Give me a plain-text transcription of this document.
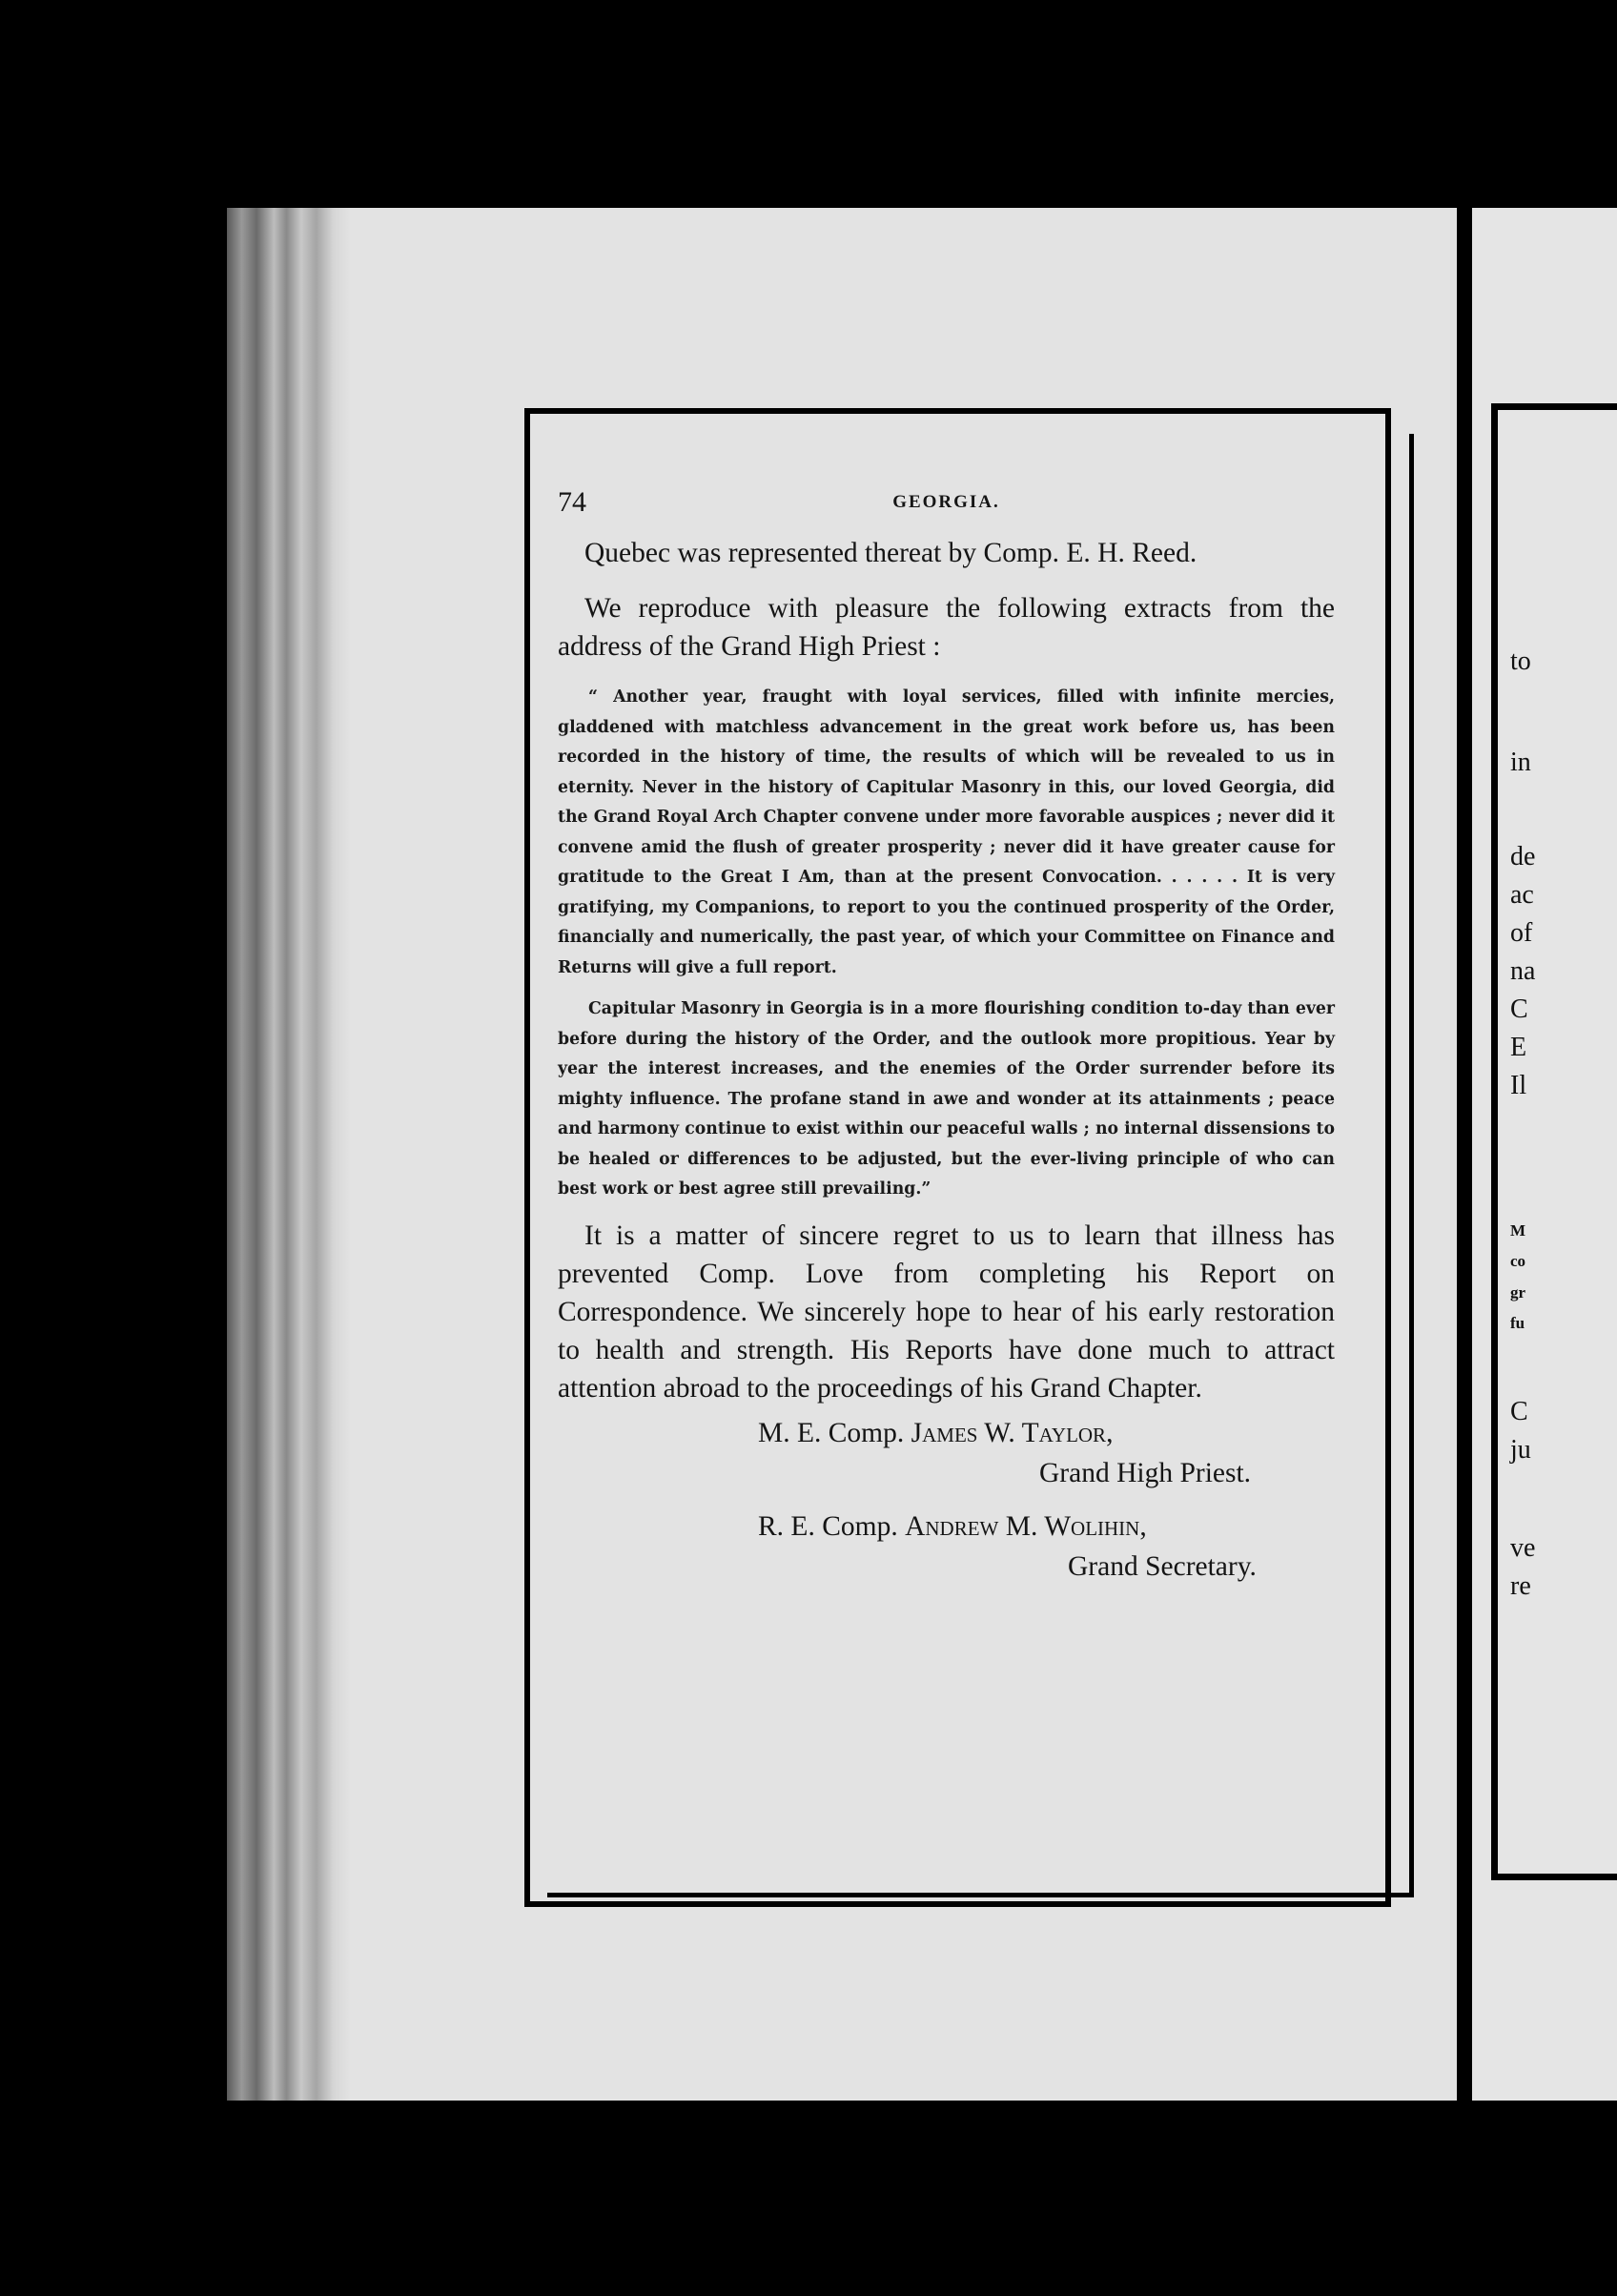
to
in
de
ac
of
na
C
E
Il
M
co
gr
fu
C
ju
ve
re
74	GEORGIA.

Quebec was represented thereat by Comp. E. H. Reed.

We reproduce with pleasure the following extracts from the address of the Grand High Priest :

“ Another year, fraught with loyal services, filled with infinite mercies, gladdened with matchless advancement in the great work before us, has been recorded in the history of time, the results of which will be revealed to us in eternity. Never in the history of Capitular Masonry in this, our loved Georgia, did the Grand Royal Arch Chapter convene under more favorable auspices ; never did it convene amid the flush of greater prosperity ; never did it have greater cause for gratitude to the Great I Am, than at the present Convocation. . . . . . It is very gratifying, my Companions, to report to you the continued prosperity of the Order, financially and numerically, the past year, of which your Committee on Finance and Returns will give a full report.

Capitular Masonry in Georgia is in a more flourishing condition to-day than ever before during the history of the Order, and the outlook more propitious. Year by year the interest increases, and the enemies of the Order surrender before its mighty influence. The profane stand in awe and wonder at its attainments ; peace and harmony continue to exist within our peaceful walls ; no internal dissensions to be healed or differences to be adjusted, but the ever-living principle of who can best work or best agree still prevailing.”

It is a matter of sincere regret to us to learn that illness has prevented Comp. Love from completing his Report on Correspondence. We sincerely hope to hear of his early restoration to health and strength. His Reports have done much to attract attention abroad to the proceedings of his Grand Chapter.

M. E. Comp. James W. Taylor,
Grand High Priest.
R. E. Comp. Andrew M. Wolihin,
Grand Secretary.
